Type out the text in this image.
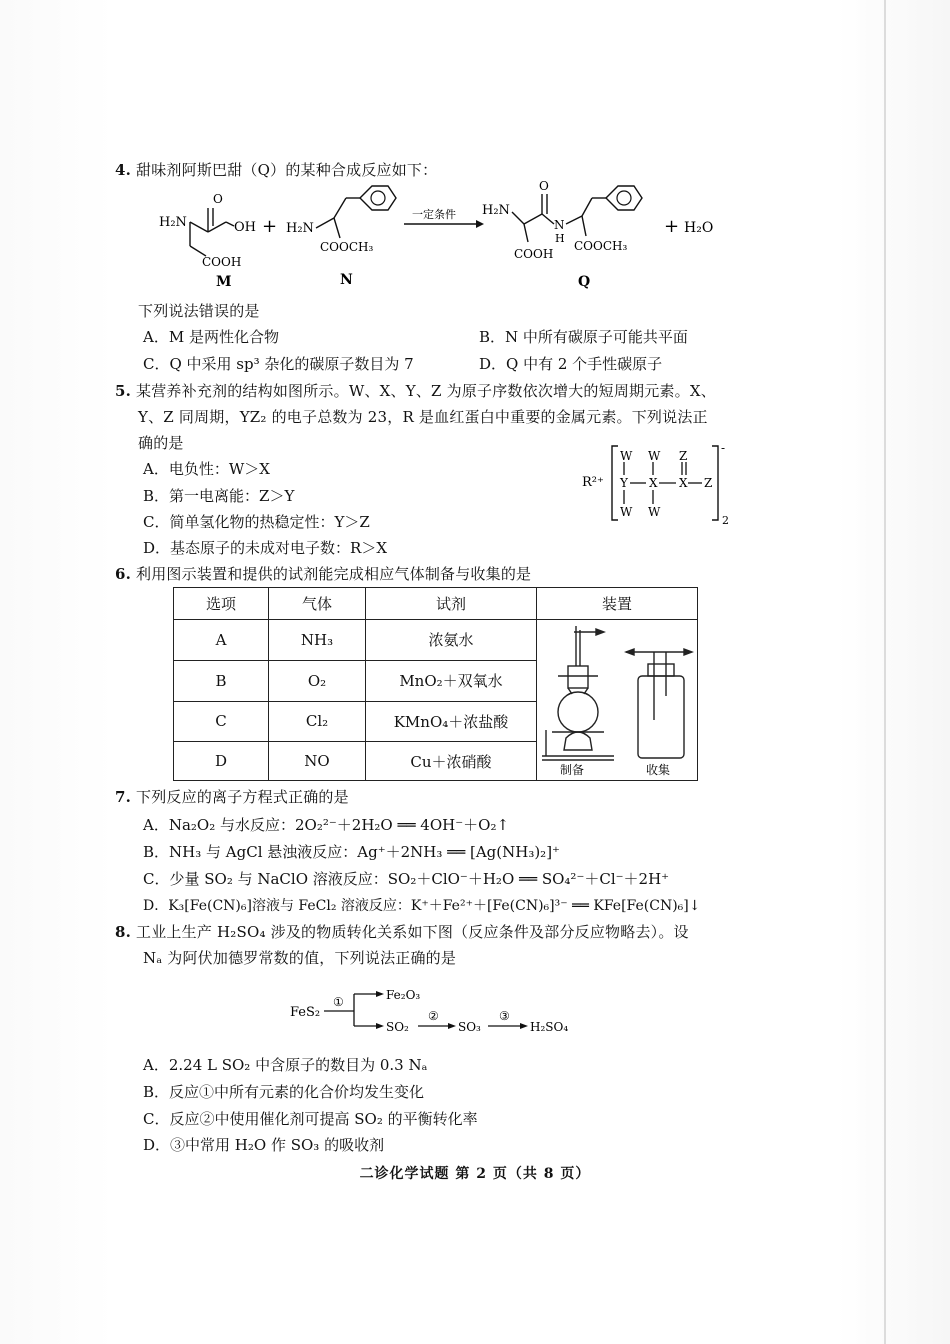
4. 甜味剂阿斯巴甜（Q）的某种合成反应如下：
H₂N
O
OH
COOH
M
+ H₂N
COOCH₃
N
一定条件 H₂N
O
N
H
COOH
COOCH₃
Q
+ H₂O
下列说法错误的是
A．M 是两性化合物	B．N 中所有碳原子可能共平面
C．Q 中采用 sp³ 杂化的碳原子数目为 7	D．Q 中有 2 个手性碳原子
5. 某营养补充剂的结构如图所示。W、X、Y、Z 为原子序数依次增大的短周期元素。X、
Y、Z 同周期，YZ₂ 的电子总数为 23，R 是血红蛋白中重要的金属元素。下列说法正
确的是
A．电负性：W＞X
B．第一电离能：Z＞Y
C．简单氢化物的热稳定性：Y＞Z
D．基态原子的未成对电子数：R＞X
R²⁺
-
2
W W Z
Y X X Z
W W
6. 利用图示装置和提供的试剂能完成相应气体制备与收集的是
选项	气体	试剂	装置
A	NH₃	浓氨水	制备 收集

B	O₂	MnO₂＋双氧水	
C	Cl₂	KMnO₄＋浓盐酸	
D	NO	Cu＋浓硝酸	
7. 下列反应的离子方程式正确的是
A．Na₂O₂ 与水反应：2O₂²⁻＋2H₂O ══ 4OH⁻＋O₂↑
B．NH₃ 与 AgCl 悬浊液反应：Ag⁺＋2NH₃ ══ [Ag(NH₃)₂]⁺
C．少量 SO₂ 与 NaClO 溶液反应：SO₂＋ClO⁻＋H₂O ══ SO₄²⁻＋Cl⁻＋2H⁺
D．K₃[Fe(CN)₆]溶液与 FeCl₂ 溶液反应：K⁺＋Fe²⁺＋[Fe(CN)₆]³⁻ ══ KFe[Fe(CN)₆]↓
8. 工业上生产 H₂SO₄ 涉及的物质转化关系如下图（反应条件及部分反应物略去）。设
Nₐ 为阿伏加德罗常数的值，下列说法正确的是
FeS₂
①	Fe₂O₃
SO₂
②
SO₃
③
H₂SO₄
A．2.24 L SO₂ 中含原子的数目为 0.3 Nₐ
B．反应①中所有元素的化合价均发生变化
C．反应②中使用催化剂可提高 SO₂ 的平衡转化率
D．③中常用 H₂O 作 SO₃ 的吸收剂
二诊化学试题 第 2 页（共 8 页）
